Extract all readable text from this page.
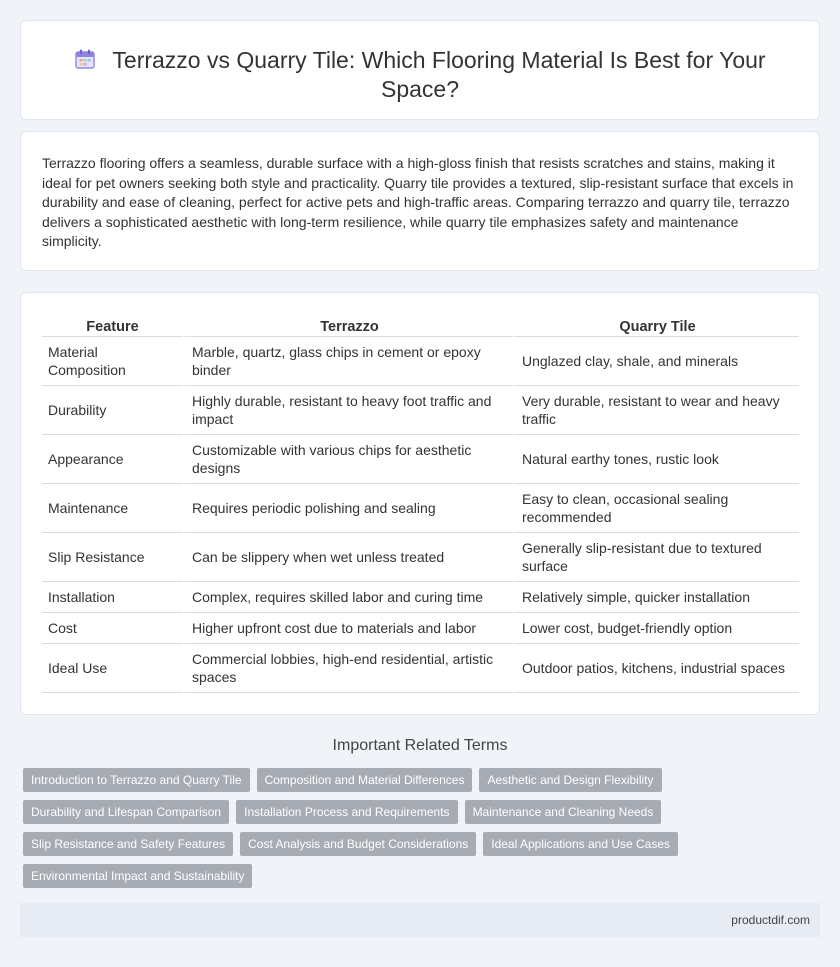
Terrazzo vs Quarry Tile: Which Flooring Material Is Best for Your Space?

Terrazzo flooring offers a seamless, durable surface with a high-gloss finish that resists scratches and stains, making it ideal for pet owners seeking both style and practicality. Quarry tile provides a textured, slip-resistant surface that excels in durability and ease of cleaning, perfect for active pets and high-traffic areas. Comparing terrazzo and quarry tile, terrazzo delivers a sophisticated aesthetic with long-term resilience, while quarry tile emphasizes safety and maintenance simplicity.

Feature	Terrazzo	Quarry Tile
Material Composition	Marble, quartz, glass chips in cement or epoxy binder	Unglazed clay, shale, and minerals
Durability	Highly durable, resistant to heavy foot traffic and impact	Very durable, resistant to wear and heavy traffic
Appearance	Customizable with various chips for aesthetic designs	Natural earthy tones, rustic look
Maintenance	Requires periodic polishing and sealing	Easy to clean, occasional sealing recommended
Slip Resistance	Can be slippery when wet unless treated	Generally slip-resistant due to textured surface
Installation	Complex, requires skilled labor and curing time	Relatively simple, quicker installation
Cost	Higher upfront cost due to materials and labor	Lower cost, budget-friendly option
Ideal Use	Commercial lobbies, high-end residential, artistic spaces	Outdoor patios, kitchens, industrial spaces
Important Related Terms
Introduction to Terrazzo and Quarry Tile	Composition and Material Differences	Aesthetic and Design Flexibility
Durability and Lifespan Comparison	Installation Process and Requirements	Maintenance and Cleaning Needs
Slip Resistance and Safety Features	Cost Analysis and Budget Considerations	Ideal Applications and Use Cases
Environmental Impact and Sustainability
productdif.com
